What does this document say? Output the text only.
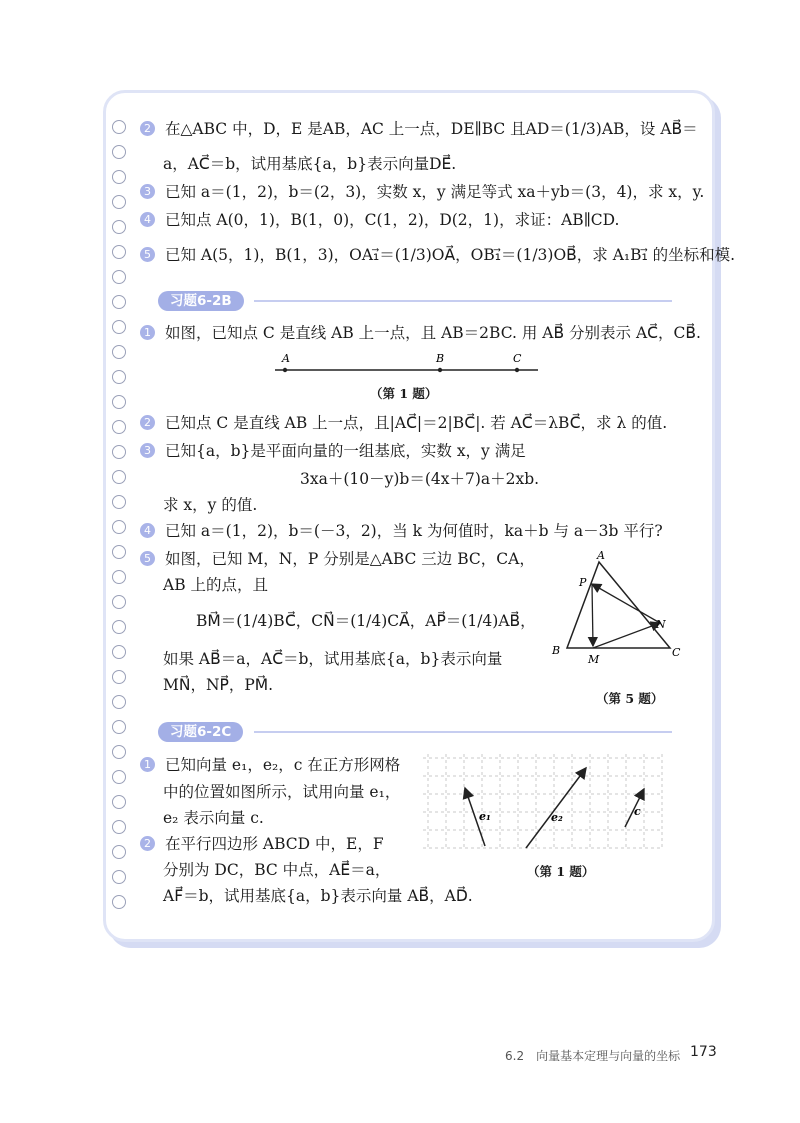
2 在△ABC 中，D，E 是AB，AC 上一点，DE∥BC 且AD＝(1/3)AB，设 AB⃗＝
a，AC⃗＝b，试用基底{a，b}表示向量DE⃗.
3 已知 a＝(1，2)，b＝(2，3)，实数 x，y 满足等式 xa＋yb＝(3，4)，求 x，y.
4 已知点 A(0，1)，B(1，0)，C(1，2)，D(2，1)，求证：AB∥CD.
5 已知 A(5，1)，B(1，3)，OA₁⃗＝(1/3)OA⃗，OB₁⃗＝(1/3)OB⃗，求 A₁B₁⃗ 的坐标和模.
习题6-2B
1 如图，已知点 C 是直线 AB 上一点，且 AB＝2BC. 用 AB⃗ 分别表示 AC⃗，CB⃗.
A	B	C
（第 1 题）
2 已知点 C 是直线 AB 上一点，且|AC⃗|＝2|BC⃗|. 若 AC⃗＝λBC⃗，求 λ 的值.
3 已知{a，b}是平面向量的一组基底，实数 x，y 满足
3xa＋(10－y)b＝(4x＋7)a＋2xb.
求 x，y 的值.
4 已知 a＝(1，2)，b＝(－3，2)，当 k 为何值时，ka＋b 与 a－3b 平行?
5 如图，已知 M，N，P 分别是△ABC 三边 BC，CA，
AB 上的点，且
BM⃗＝(1/4)BC⃗，CN⃗＝(1/4)CA⃗，AP⃗＝(1/4)AB⃗，
如果 AB⃗＝a，AC⃗＝b，试用基底{a，b}表示向量
MN⃗，NP⃗，PM⃗.
A
P
N
B
M
C
（第 5 题）
习题6-2C
1 已知向量 e₁，e₂，c 在正方形网格
中的位置如图所示，试用向量 e₁，
e₂ 表示向量 c.
2 在平行四边形 ABCD 中，E，F
分别为 DC，BC 中点，AE⃗＝a，
AF⃗＝b，试用基底{a，b}表示向量 AB⃗，AD⃗.
e₁	e₂	c
（第 1 题）
6.2　向量基本定理与向量的坐标 173
